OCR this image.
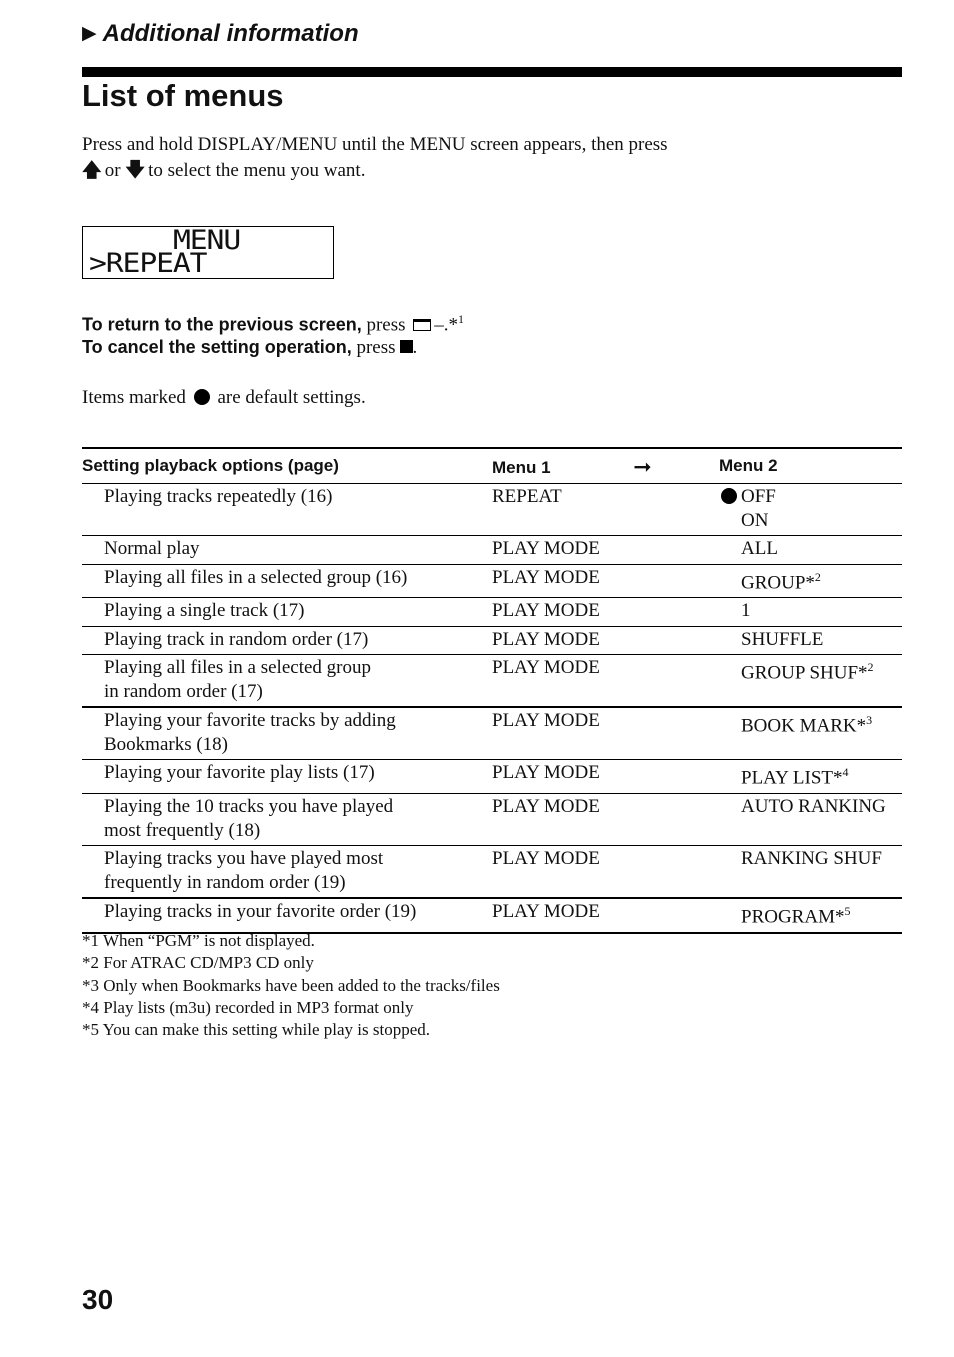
▶ Additional information
List of menus
Press and hold DISPLAY/MENU until the MENU screen appears, then press
🡅 or 🡇 to select the menu you want.
MENU
>REPEAT
To return to the previous screen, press –.*$^1$
To cancel the setting operation, press .
Items marked are default settings.
Setting playback options (page)	Menu 1 ➞	Menu 2
Playing tracks repeatedly (16)	REPEAT	OFF
ON
Normal play	PLAY MODE	ALL
Playing all files in a selected group (16)	PLAY MODE	GROUP*$^2$
Playing a single track (17)	PLAY MODE	1
Playing track in random order (17)	PLAY MODE	SHUFFLE
Playing all files in a selected group
in random order (17)	PLAY MODE	GROUP SHUF*$^2$
Playing your favorite tracks by adding
Bookmarks (18)	PLAY MODE	BOOK MARK*$^3$
Playing your favorite play lists (17)	PLAY MODE	PLAY LIST*$^4$
Playing the 10 tracks you have played
most frequently (18)	PLAY MODE	AUTO RANKING
Playing tracks you have played most
frequently in random order (19)	PLAY MODE	RANKING SHUF
Playing tracks in your favorite order (19)	PLAY MODE	PROGRAM*$^5$
*1 When “PGM” is not displayed.
*2 For ATRAC CD/MP3 CD only
*3 Only when Bookmarks have been added to the tracks/files
*4 Play lists (m3u) recorded in MP3 format only
*5 You can make this setting while play is stopped.
30
